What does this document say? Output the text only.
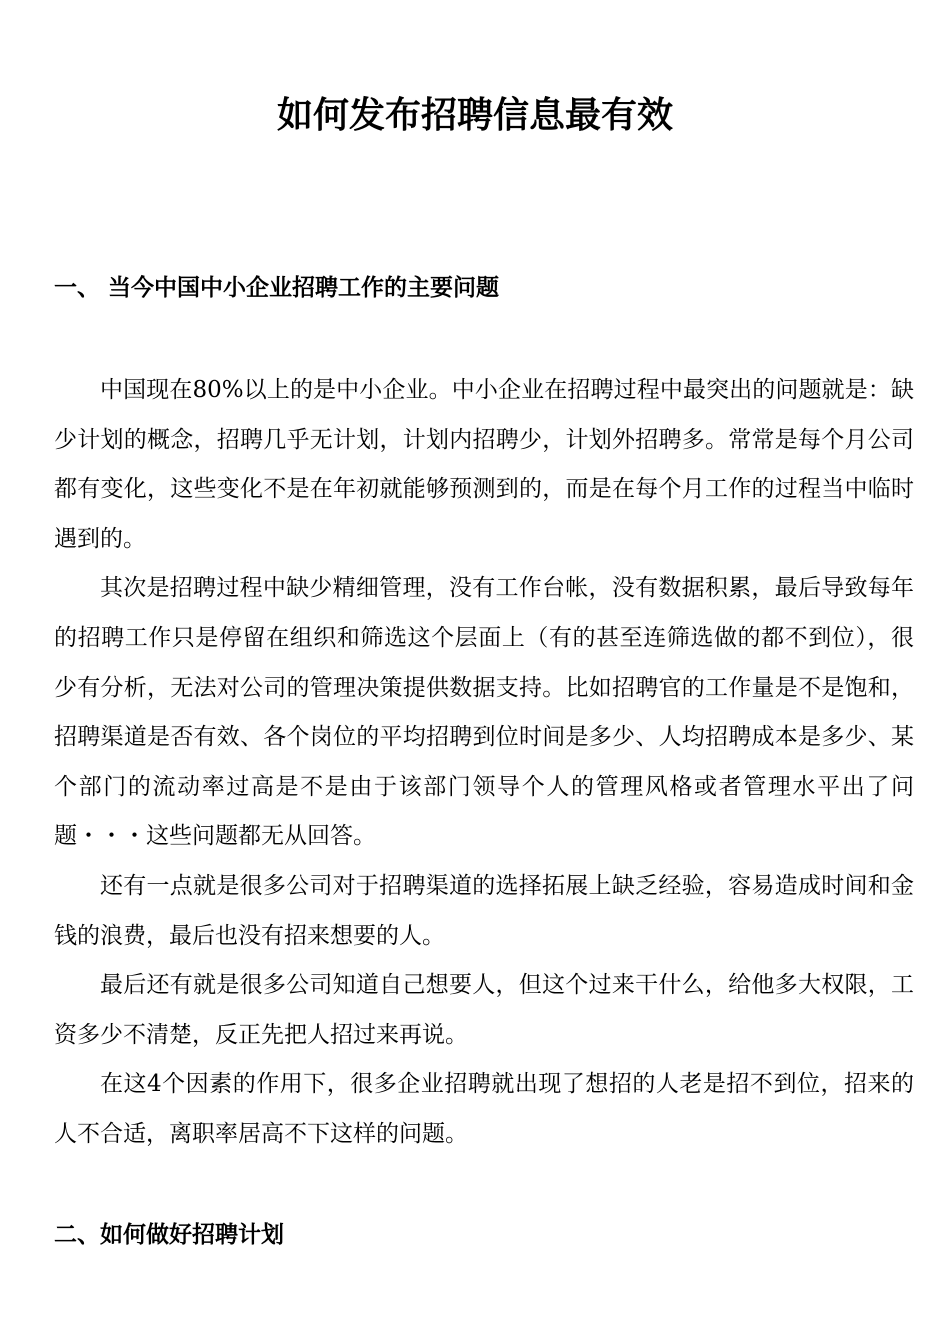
如何发布招聘信息最有效
一、 当今中国中小企业招聘工作的主要问题

中国现在80%以上的是中小企业。中小企业在招聘过程中最突出的问题就是：缺少计划的概念，招聘几乎无计划，计划内招聘少，计划外招聘多。常常是每个月公司都有变化，这些变化不是在年初就能够预测到的，而是在每个月工作的过程当中临时遇到的。

其次是招聘过程中缺少精细管理，没有工作台帐，没有数据积累，最后导致每年的招聘工作只是停留在组织和筛选这个层面上（有的甚至连筛选做的都不到位），很少有分析，无法对公司的管理决策提供数据支持。比如招聘官的工作量是不是饱和，招聘渠道是否有效、各个岗位的平均招聘到位时间是多少、人均招聘成本是多少、某个部门的流动率过高是不是由于该部门领导个人的管理风格或者管理水平出了问题・・・这些问题都无从回答。

还有一点就是很多公司对于招聘渠道的选择拓展上缺乏经验，容易造成时间和金钱的浪费，最后也没有招来想要的人。

最后还有就是很多公司知道自己想要人，但这个过来干什么，给他多大权限，工资多少不清楚，反正先把人招过来再说。

在这4个因素的作用下，很多企业招聘就出现了想招的人老是招不到位，招来的人不合适，离职率居高不下这样的问题。

二、如何做好招聘计划
